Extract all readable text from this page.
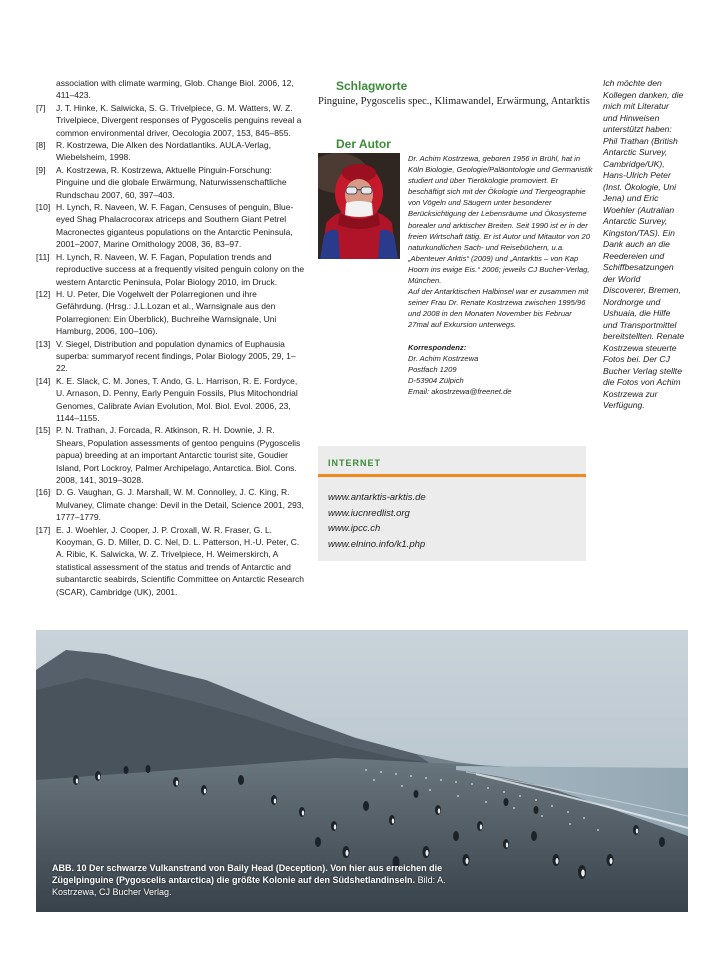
association with climate warming, Glob. Change Biol. 2006, 12, 411–423.
[7] J. T. Hinke, K. Salwicka, S. G. Trivelpiece, G. M. Watters, W. Z. Trivelpiece, Divergent responses of Pygoscelis penguins reveal a common environmental driver, Oecologia 2007, 153, 845–855.
[8] R. Kostrzewa, Die Alken des Nordatlantiks. AULA-Verlag, Wiebelsheim, 1998.
[9] A. Kostrzewa, R. Kostrzewa, Aktuelle Pinguin-Forschung: Pinguine und die globale Erwärmung, Naturwissenschaftliche Rundschau 2007, 60, 397–403.
[10] H. Lynch, R. Naveen, W. F. Fagan, Censuses of penguin, Blue-eyed Shag Phalacrocorax atriceps and Southern Giant Petrel Macronectes giganteus populations on the Antarctic Peninsula, 2001–2007, Marine Ornithology 2008, 36, 83–97.
[11] H. Lynch, R. Naveen, W. F. Fagan, Population trends and reproductive success at a frequently visited penguin colony on the western Antarctic Peninsula, Polar Biology 2010, im Druck.
[12] H. U. Peter, Die Vogelwelt der Polarregionen und ihre Gefährdung. (Hrsg.: J.L.Lozan et al., Warnsignale aus den Polarregionen: Ein Überblick), Buchreihe Warnsignale, Uni Hamburg, 2006, 100–106).
[13] V. Siegel, Distribution and population dynamics of Euphausia superba: summaryof recent findings, Polar Biology 2005, 29, 1–22.
[14] K. E. Slack, C. M. Jones, T. Ando, G. L. Harrison, R. E. Fordyce, U. Arnason, D. Penny, Early Penguin Fossils, Plus Mitochondrial Genomes, Calibrate Avian Evolution, Mol. Biol. Evol. 2006, 23, 1144–1155.
[15] P. N. Trathan, J. Forcada, R. Atkinson, R. H. Downie, J. R. Shears, Population assessments of gentoo penguins (Pygoscelis papua) breeding at an important Antarctic tourist site, Goudier Island, Port Lockroy, Palmer Archipelago, Antarctica. Biol. Cons. 2008, 141, 3019–3028.
[16] D. G. Vaughan, G. J. Marshall, W. M. Connolley, J. C. King, R. Mulvaney, Climate change: Devil in the Detail, Science 2001, 293, 1777–1779.
[17] E. J. Woehler, J. Cooper, J. P. Croxall, W. R. Fraser, G. L. Kooyman, G. D. Miller, D. C. Nel, D. L. Patterson, H.-U. Peter, C. A. Ribic, K. Salwicka, W. Z. Trivelpiece, H. Weimerskirch, A statistical assessment of the status and trends of Antarctic and subantarctic seabirds, Scientific Committee on Antarctic Research (SCAR), Cambridge (UK), 2001.
Schlagworte

Pinguine, Pygoscelis spec., Klimawandel, Erwärmung, Antarktis

Der Autor

Dr. Achim Kostrzewa, geboren 1956 in Brühl, hat in Köln Biologie, Geologie/Paläontologie und Germanistik studiert und über Tierökologie promoviert. Er beschäftigt sich mit der Ökologie und Tiergeographie von Vögeln und Säugern unter besonderer Berücksichtigung der Lebensräume und Ökosysteme borealer und arktischer Breiten. Seit 1990 ist er in der freien Wirtschaft tätig. Er ist Autor und Mitautor von 20 naturkundlichen Sach- und Reisebüchern, u.a. „Abenteuer Arktis“ (2009) und „Antarktis – von Kap Hoorn ins ewige Eis.“ 2006; jeweils CJ Bucher-Verlag, München.

Auf der Antarktischen Halbinsel war er zusammen mit seiner Frau Dr. Renate Kostrzewa zwischen 1995/96 und 2008 in den Monaten November bis Februar 27mal auf Exkursion unterwegs.

Korrespondenz:

Dr. Achim Kostrzewa

Postfach 1209

D-53904 Zülpich

Email: akostrzewa@freenet.de

INTERNET
www.antarktis-arktis.de
www.iucnredlist.org
www.ipcc.ch
www.elnino.info/k1.php
Ich möchte den Kollegen danken, die mich mit Literatur und Hinweisen unterstützt haben: Phil Trathan (British Antarctic Survey, Cambridge/UK), Hans-Ulrich Peter (Inst. Ökologie, Uni Jena) und Eric Woehler (Autralian Antarctic Survey, Kingston/TAS). Ein Dank auch an die Reedereien und Schiffbesatzungen der World Discoverer, Bremen, Nordnorge und Ushuaia, die Hilfe und Transportmittel bereitstellten. Renate Kostrzewa steuerte Fotos bei. Der CJ Bucher Verlag stellte die Fotos von Achim Kostrzewa zur Verfügung.
ABB. 10 Der schwarze Vulkanstrand von Baily Head (Deception). Von hier aus erreichen die Zügelpinguine (Pygoscelis antarctica) die größte Kolonie auf den Südshetlandinseln. Bild: A. Kostrzewa, CJ Bucher Verlag.
